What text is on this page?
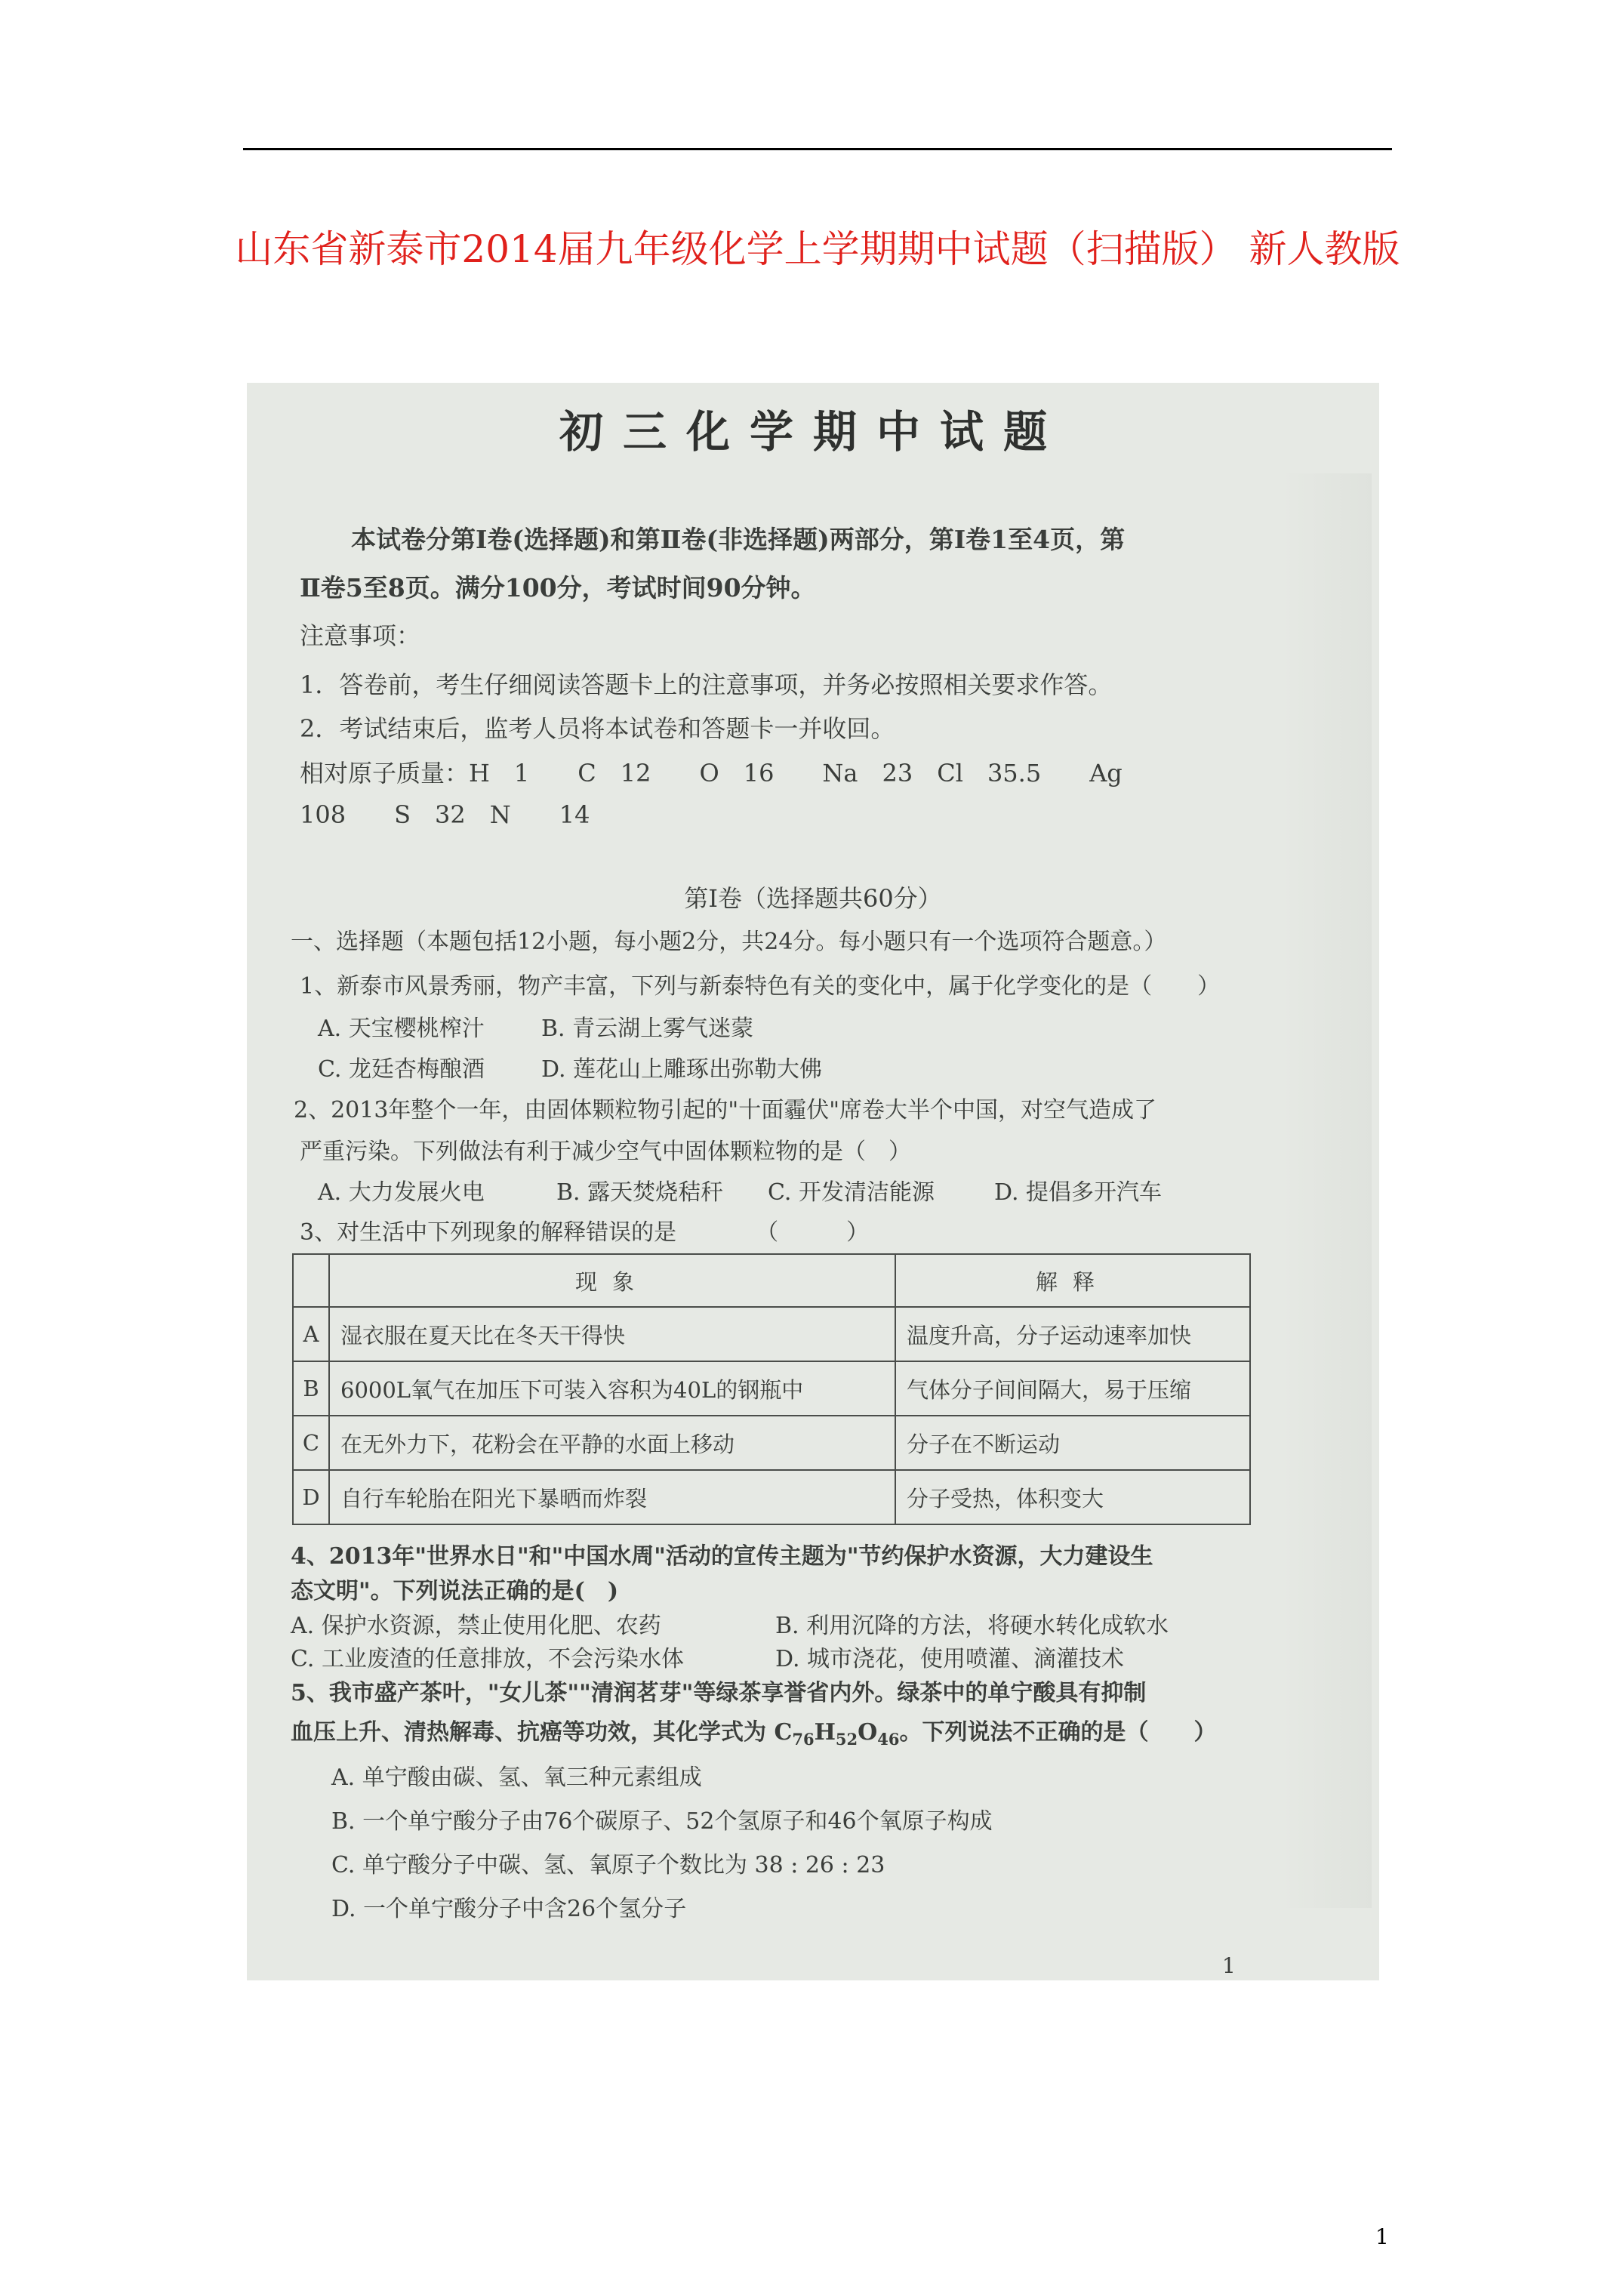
山东省新泰市2014届九年级化学上学期期中试题（扫描版） 新人教版
初三化学期中试题
本试卷分第Ⅰ卷(选择题)和第Ⅱ卷(非选择题)两部分，第Ⅰ卷1至4页，第
Ⅱ卷5至8页。满分100分，考试时间90分钟。
注意事项：
1．答卷前，考生仔细阅读答题卡上的注意事项，并务必按照相关要求作答。
2．考试结束后，监考人员将本试卷和答题卡一并收回。
相对原子质量：H　1　　C　12　　O　16　　Na　23　Cl　35.5　　Ag
108　　S　32　N　　14
第Ⅰ卷（选择题共60分）
一、选择题（本题包括12小题，每小题2分，共24分。每小题只有一个选项符合题意。）
1、新泰市风景秀丽，物产丰富，下列与新泰特色有关的变化中，属于化学变化的是（　　）
A. 天宝樱桃榨汁	B. 青云湖上雾气迷蒙
C. 龙廷杏梅酿酒	D. 莲花山上雕琢出弥勒大佛
2、2013年整个一年，由固体颗粒物引起的"十面霾伏"席卷大半个中国，对空气造成了
严重污染。下列做法有利于减少空气中固体颗粒物的是（　）
A. 大力发展火电	B. 露天焚烧秸秆 C. 开发清洁能源	D. 提倡多开汽车
3、对生活中下列现象的解释错误的是　　　　（　　　）
	现象	解释
A	湿衣服在夏天比在冬天干得快	温度升高，分子运动速率加快
B	6000L氧气在加压下可装入容积为40L的钢瓶中	气体分子间间隔大，易于压缩
C	在无外力下，花粉会在平静的水面上移动	分子在不断运动
D	自行车轮胎在阳光下暴晒而炸裂	分子受热，体积变大
4、2013年"世界水日"和"中国水周"活动的宣传主题为"节约保护水资源，大力建设生
态文明"。下列说法正确的是(　)
A. 保护水资源，禁止使用化肥、农药	B. 利用沉降的方法，将硬水转化成软水
C. 工业废渣的任意排放，不会污染水体	D. 城市浇花，使用喷灌、滴灌技术
5、我市盛产茶叶，"女儿茶""清润茗芽"等绿茶享誉省内外。绿茶中的单宁酸具有抑制
血压上升、清热解毒、抗癌等功效，其化学式为 $C_{76}H_{52}O_{46}$。下列说法不正确的是（　　）
A. 单宁酸由碳、氢、氧三种元素组成
B. 一个单宁酸分子由76个碳原子、52个氢原子和46个氧原子构成
C. 单宁酸分子中碳、氢、氧原子个数比为 38 : 26 : 23
D. 一个单宁酸分子中含26个氢分子
1
1
